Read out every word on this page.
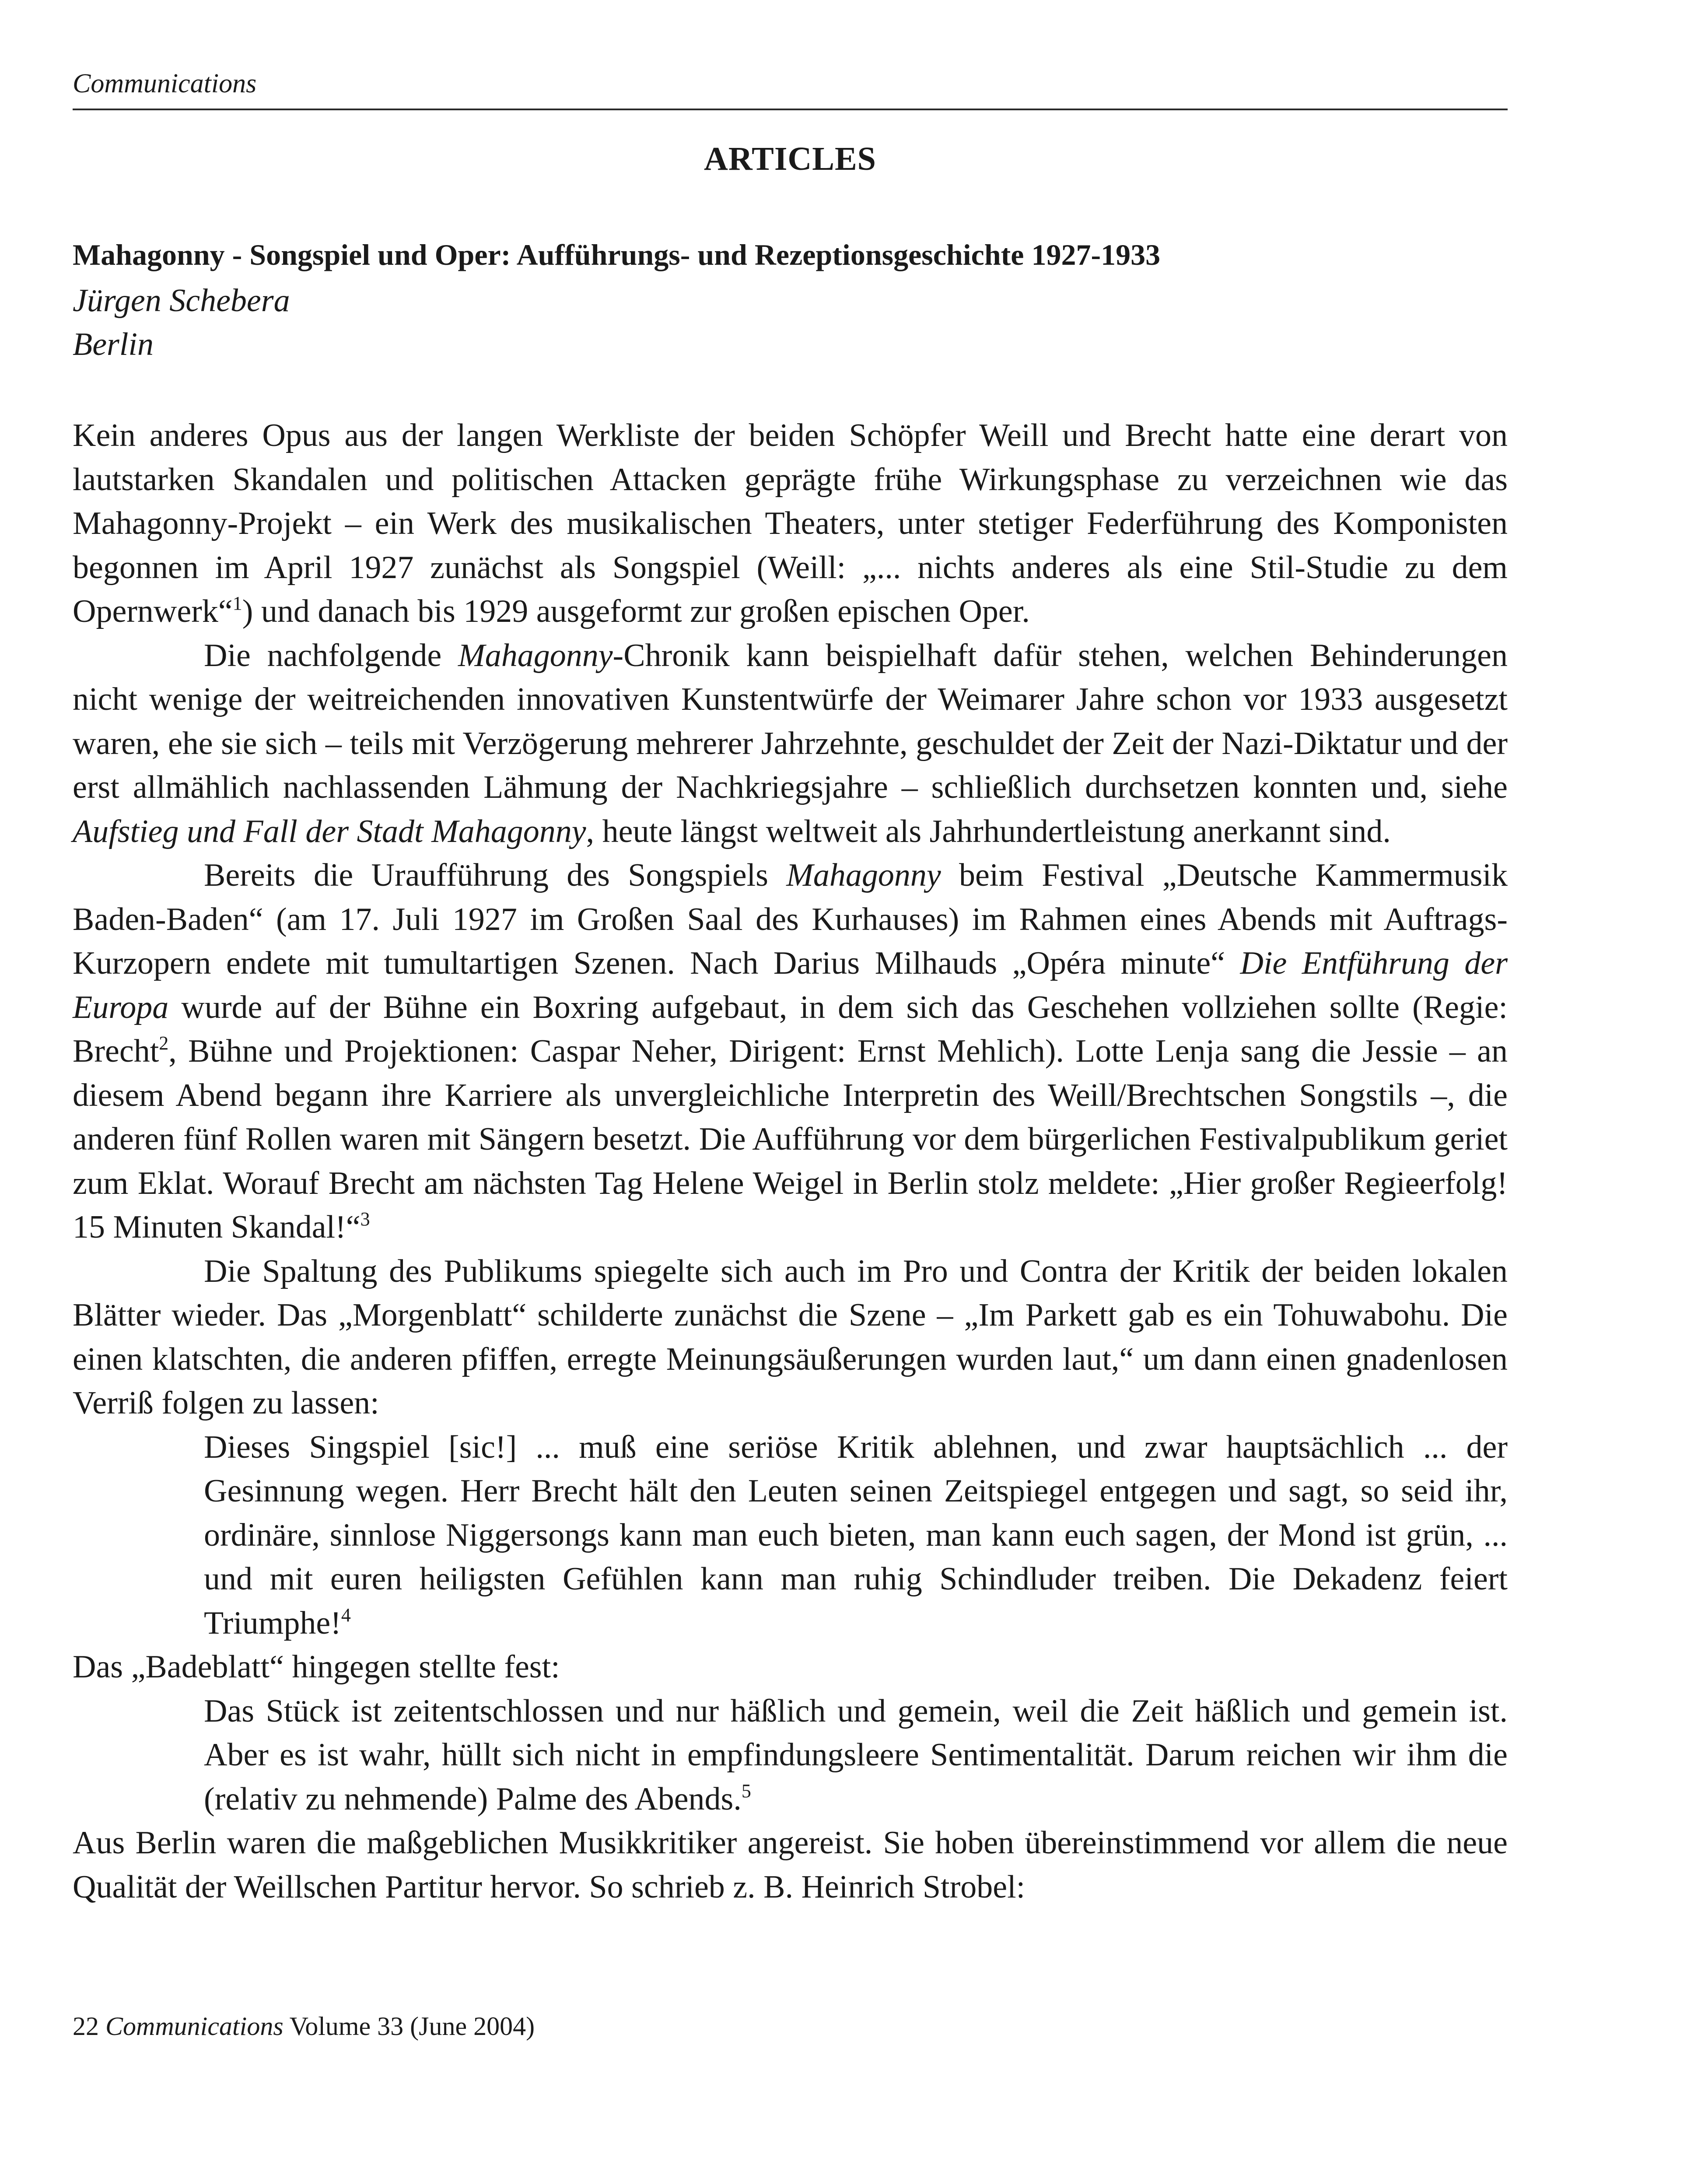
Communications
ARTICLES
Mahagonny - Songspiel und Oper: Aufführungs- und Rezeptionsgeschichte 1927-1933
Jürgen Schebera
Berlin

Kein anderes Opus aus der langen Werkliste der beiden Schöpfer Weill und Brecht hatte eine derart von lautstarken Skandalen und politischen Attacken geprägte frühe Wirkungsphase zu verzeichnen wie das Mahagonny-Projekt – ein Werk des musikalischen Theaters, unter stetiger Federführung des Komponisten begonnen im April 1927 zunächst als Songspiel (Weill: „... nichts anderes als eine Stil-Studie zu dem Opernwerk“$^1$) und danach bis 1929 ausgeformt zur großen epischen Oper.

Die nachfolgende Mahagonny-Chronik kann beispielhaft dafür stehen, welchen Behinderungen nicht wenige der weitreichenden innovativen Kunstentwürfe der Weimarer Jahre schon vor 1933 ausgesetzt waren, ehe sie sich – teils mit Verzögerung mehrerer Jahrzehnte, geschuldet der Zeit der Nazi-Diktatur und der erst allmählich nachlassenden Lähmung der Nachkriegsjahre – schließlich durchsetzen konnten und, siehe Aufstieg und Fall der Stadt Mahagonny, heute längst weltweit als Jahrhundertleistung anerkannt sind.

Bereits die Uraufführung des Songspiels Mahagonny beim Festival „Deutsche Kammermusik Baden-Baden“ (am 17. Juli 1927 im Großen Saal des Kurhauses) im Rahmen eines Abends mit Auftrags-Kurzopern endete mit tumultartigen Szenen. Nach Darius Milhauds „Opéra minute“ Die Entführung der Europa wurde auf der Bühne ein Boxring aufgebaut, in dem sich das Geschehen vollziehen sollte (Regie: Brecht$^2$, Bühne und Projektionen: Caspar Neher, Dirigent: Ernst Mehlich). Lotte Lenja sang die Jessie – an diesem Abend begann ihre Karriere als unvergleichliche Interpretin des Weill/Brechtschen Songstils –, die anderen fünf Rollen waren mit Sängern besetzt. Die Aufführung vor dem bürgerlichen Festivalpublikum geriet zum Eklat. Worauf Brecht am nächsten Tag Helene Weigel in Berlin stolz meldete: „Hier großer Regieerfolg! 15 Minuten Skandal!“$^3$

Die Spaltung des Publikums spiegelte sich auch im Pro und Contra der Kritik der beiden lokalen Blätter wieder. Das „Morgenblatt“ schilderte zunächst die Szene – „Im Parkett gab es ein Tohuwabohu. Die einen klatschten, die anderen pfiffen, erregte Meinungsäußerungen wurden laut,“ um dann einen gnadenlosen Verriß folgen zu lassen:

Dieses Singspiel [sic!] ... muß eine seriöse Kritik ablehnen, und zwar hauptsächlich ... der Gesinnung wegen. Herr Brecht hält den Leuten seinen Zeitspiegel entgegen und sagt, so seid ihr, ordinäre, sinnlose Niggersongs kann man euch bieten, man kann euch sagen, der Mond ist grün, ... und mit euren heiligsten Gefühlen kann man ruhig Schindluder treiben. Die Dekadenz feiert Triumphe!$^4$

Das „Badeblatt“ hingegen stellte fest:

Das Stück ist zeitentschlossen und nur häßlich und gemein, weil die Zeit häßlich und gemein ist. Aber es ist wahr, hüllt sich nicht in empfindungsleere Sentimentalität. Darum reichen wir ihm die (relativ zu nehmende) Palme des Abends.$^5$

Aus Berlin waren die maßgeblichen Musikkritiker angereist. Sie hoben übereinstimmend vor allem die neue Qualität der Weillschen Partitur hervor. So schrieb z. B. Heinrich Strobel:

22 Communications Volume 33 (June 2004)
